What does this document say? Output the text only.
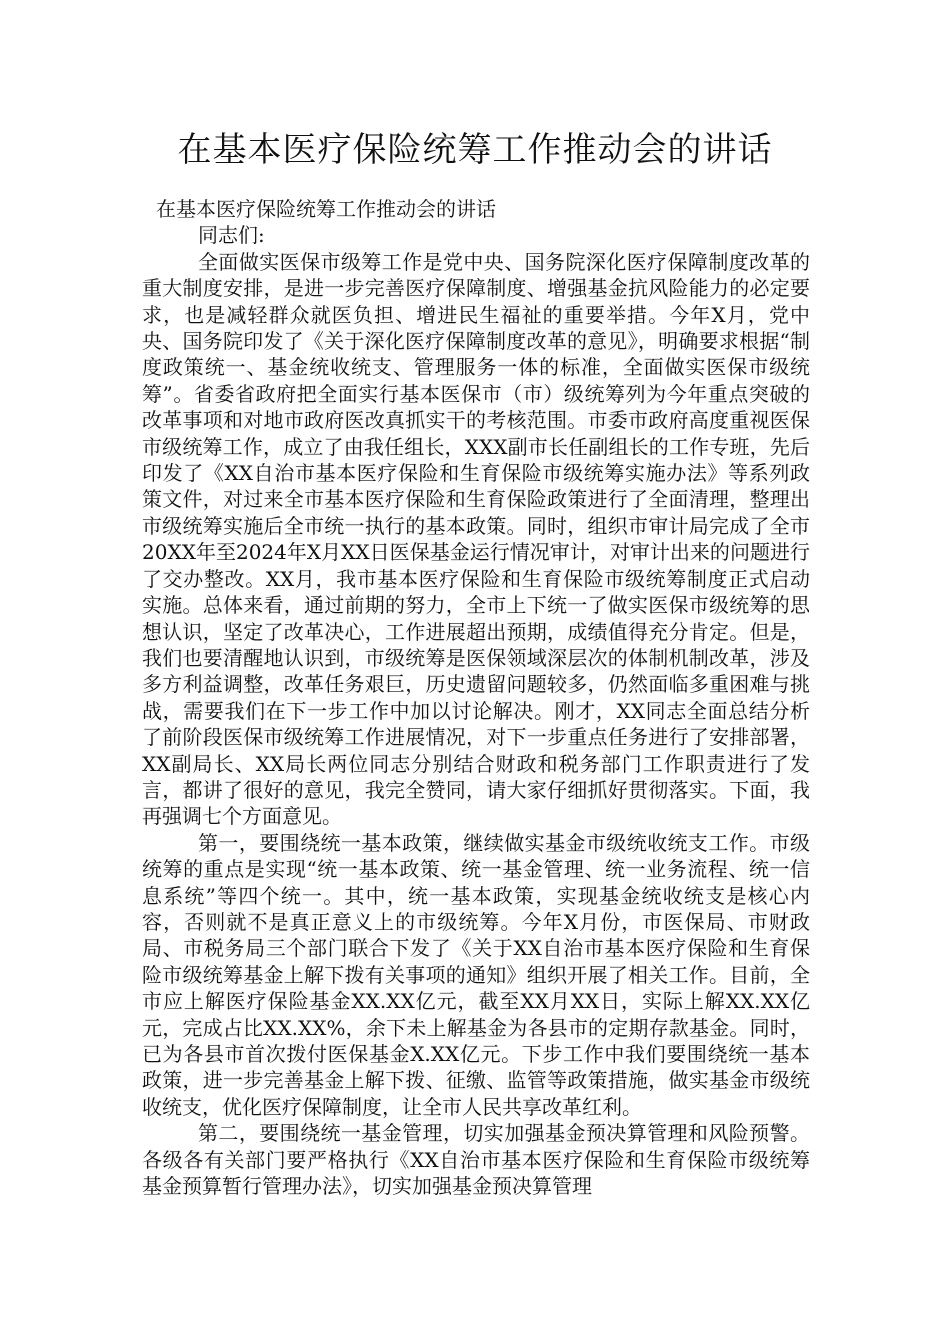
在基本医疗保险统筹工作推动会的讲话

在基本医疗保险统筹工作推动会的讲话

同志们:

全面做实医保市级筹工作是党中央、国务院深化医疗保障制度改革的重大制度安排，是进一步完善医疗保障制度、增强基金抗风险能力的必定要求，也是减轻群众就医负担、增进民生福祉的重要举措。今年X月，党中央、国务院印发了《关于深化医疗保障制度改革的意见》，明确要求根据“制度政策统一、基金统收统支、管理服务一体的标准，全面做实医保市级统筹”。省委省政府把全面实行基本医保市（市）级统筹列为今年重点突破的改革事项和对地市政府医改真抓实干的考核范围。市委市政府高度重视医保市级统筹工作，成立了由我任组长，XXX副市长任副组长的工作专班，先后印发了《XX自治市基本医疗保险和生育保险市级统筹实施办法》等系列政策文件，对过来全市基本医疗保险和生育保险政策进行了全面清理，整理出市级统筹实施后全市统一执行的基本政策。同时，组织市审计局完成了全市20XX年至2024年X月XX日医保基金运行情况审计，对审计出来的问题进行了交办整改。XX月，我市基本医疗保险和生育保险市级统筹制度正式启动实施。总体来看，通过前期的努力，全市上下统一了做实医保市级统筹的思想认识，坚定了改革决心，工作进展超出预期，成绩值得充分肯定。但是，我们也要清醒地认识到，市级统筹是医保领域深层次的体制机制改革，涉及多方利益调整，改革任务艰巨，历史遗留问题较多，仍然面临多重困难与挑战，需要我们在下一步工作中加以讨论解决。刚才，XX同志全面总结分析了前阶段医保市级统筹工作进展情况，对下一步重点任务进行了安排部署，XX副局长、XX局长两位同志分别结合财政和税务部门工作职责进行了发言，都讲了很好的意见，我完全赞同，请大家仔细抓好贯彻落实。下面，我再强调七个方面意见。

第一，要围绕统一基本政策，继续做实基金市级统收统支工作。市级统筹的重点是实现“统一基本政策、统一基金管理、统一业务流程、统一信息系统”等四个统一。其中，统一基本政策，实现基金统收统支是核心内容，否则就不是真正意义上的市级统筹。今年X月份，市医保局、市财政局、市税务局三个部门联合下发了《关于XX自治市基本医疗保险和生育保险市级统筹基金上解下拨有关事项的通知》组织开展了相关工作。目前，全市应上解医疗保险基金XX.XX亿元，截至XX月XX日，实际上解XX.XX亿元，完成占比XX.XX%，余下未上解基金为各县市的定期存款基金。同时，已为各县市首次拨付医保基金X.XX亿元。下步工作中我们要围绕统一基本政策，进一步完善基金上解下拨、征缴、监管等政策措施，做实基金市级统收统支，优化医疗保障制度，让全市人民共享改革红利。

第二，要围绕统一基金管理，切实加强基金预决算管理和风险预警。各级各有关部门要严格执行《XX自治市基本医疗保险和生育保险市级统筹基金预算暂行管理办法》，切实加强基金预决算管理
